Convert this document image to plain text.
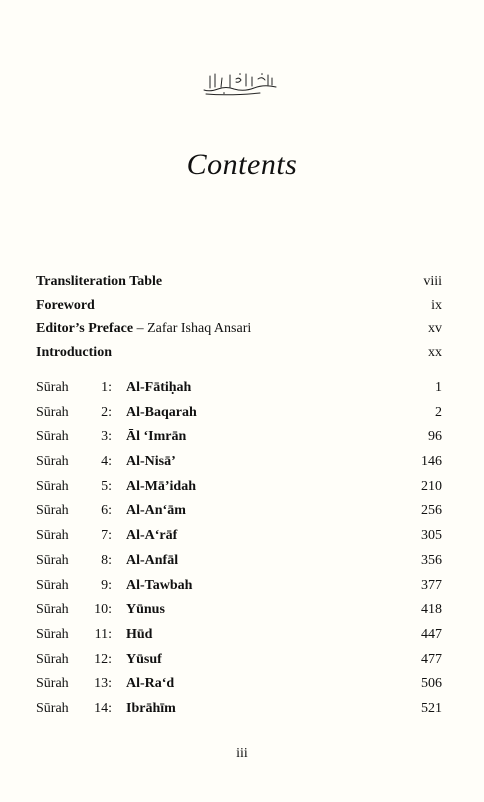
Contents
Transliteration Table	viii
Foreword	ix
Editor’s Preface – Zafar Ishaq Ansari	xv
Introduction	xx
Sūrah	1: Al-Fātiḥah	1
Sūrah	2: Al-Baqarah	2
Sūrah	3: Āl ‘Imrān	96
Sūrah	4: Al-Nisā’	146
Sūrah	5: Al-Mā’idah	210
Sūrah	6: Al-An‘ām	256
Sūrah	7: Al-A‘rāf	305
Sūrah	8: Al-Anfāl	356
Sūrah	9: Al-Tawbah	377
Sūrah	10: Yūnus	418
Sūrah	11: Hūd	447
Sūrah	12: Yūsuf	477
Sūrah	13: Al-Ra‘d	506
Sūrah	14: Ibrāhīm	521
iii
